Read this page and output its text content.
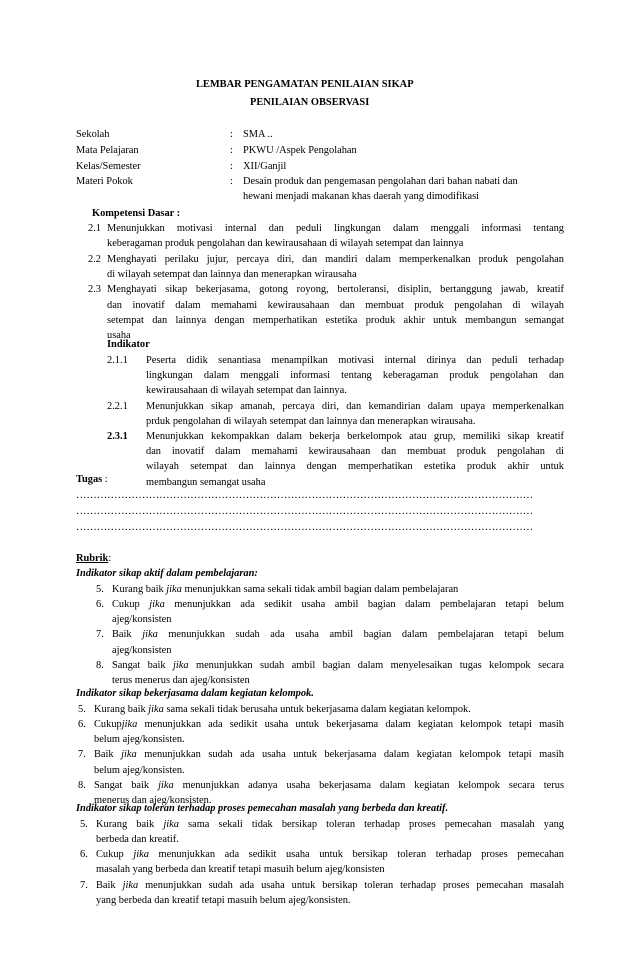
LEMBAR PENGAMATAN PENILAIAN SIKAP
PENILAIAN OBSERVASI
Sekolah	: SMA ..
Mata Pelajaran	: PKWU /Aspek Pengolahan
Kelas/Semester	: XII/Ganjil
Materi Pokok	: Desain produk dan pengemasan pengolahan dari bahan nabati dan
hewani menjadi makanan khas daerah yang dimodifikasi
Kompetensi Dasar :
2.1 Menunjukkan motivasi internal dan peduli lingkungan dalam menggali informasi tentang
keberagaman produk pengolahan dan kewirausahaan di wilayah setempat dan lainnya
2.2 Menghayati perilaku jujur, percaya diri, dan mandiri dalam memperkenalkan produk pengolahan
di wilayah setempat dan lainnya dan menerapkan wirausaha
2.3 Menghayati sikap bekerjasama, gotong royong, bertoleransi, disiplin, bertanggung jawab, kreatif
dan inovatif dalam memahami kewirausahaan dan membuat produk pengolahan di wilayah
setempat dan lainnya dengan memperhatikan estetika produk akhir untuk membangun semangat
usaha
Indikator
2.1.1 Peserta didik senantiasa menampilkan motivasi internal dirinya dan peduli terhadap
lingkungan dalam menggali informasi tentang keberagaman produk pengolahan dan
kewirausahaan di wilayah setempat dan lainnya.
2.2.1 Menunjukkan sikap amanah, percaya diri, dan kemandirian dalam upaya memperkenalkan
prduk pengolahan di wilayah setempat dan lainnya dan menerapkan wirausaha.
2.3.1 Menunjukkan kekompakkan dalam bekerja berkelompok atau grup, memiliki sikap kreatif
dan inovatif dalam memahami kewirausahaan dan membuat produk pengolahan di
wilayah setempat dan lainnya dengan memperhatikan estetika produk akhir untuk
membangun semangat usaha
Tugas :
……………………………………………………………………………………………………………………
……………………………………………………………………………………………………………………
……………………………………………………………………………………………………………………
Rubrik:
Indikator sikap aktif dalam pembelajaran:
5. Kurang baik jika menunjukkan sama sekali tidak ambil bagian dalam pembelajaran
6. Cukup jika menunjukkan ada sedikit usaha ambil bagian dalam pembelajaran tetapi belum
ajeg/konsisten
7. Baik jika menunjukkan sudah ada usaha ambil bagian dalam pembelajaran tetapi belum
ajeg/konsisten
8. Sangat baik jika menunjukkan sudah ambil bagian dalam menyelesaikan tugas kelompok secara
terus menerus dan ajeg/konsisten
Indikator sikap bekerjasama dalam kegiatan kelompok.
5. Kurang baik jika sama sekali tidak berusaha untuk bekerjasama dalam kegiatan kelompok.
6. Cukupjika menunjukkan ada sedikit usaha untuk bekerjasama dalam kegiatan kelompok tetapi masih
belum ajeg/konsisten.
7. Baik jika menunjukkan sudah ada usaha untuk bekerjasama dalam kegiatan kelompok tetapi masih
belum ajeg/konsisten.
8. Sangat baik jika menunjukkan adanya usaha bekerjasama dalam kegiatan kelompok secara terus
menerus dan ajeg/konsisten.
Indikator sikap toleran terhadap proses pemecahan masalah yang berbeda dan kreatif.
5. Kurang baik jika sama sekali tidak bersikap toleran terhadap proses pemecahan masalah yang
berbeda dan kreatif.
6. Cukup jika menunjukkan ada sedikit usaha untuk bersikap toleran terhadap proses pemecahan
masalah yang berbeda dan kreatif tetapi masuih belum ajeg/konsisten
7. Baik jika menunjukkan sudah ada usaha untuk bersikap toleran terhadap proses pemecahan masalah
yang berbeda dan kreatif tetapi masuih belum ajeg/konsisten.
